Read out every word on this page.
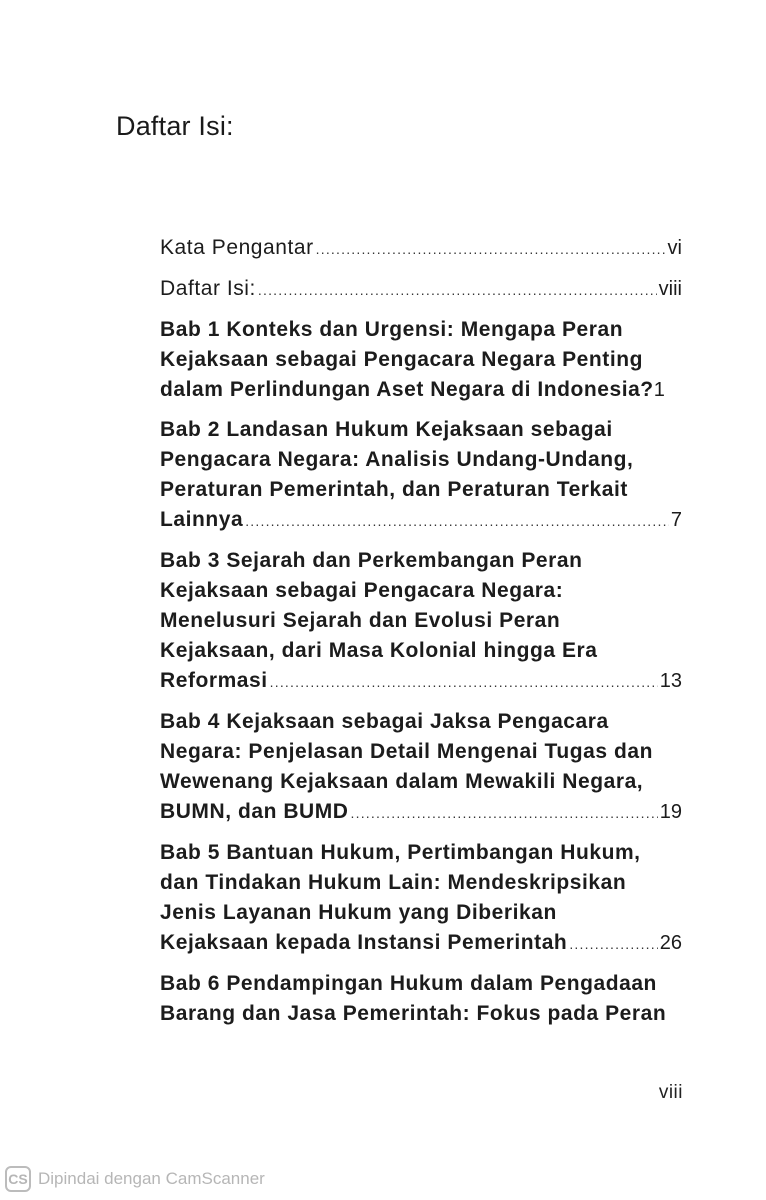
Daftar Isi:
Kata Pengantar .....	vi
Daftar Isi: .....	viii
Bab 1 Konteks dan Urgensi: Mengapa Peran
Kejaksaan sebagai Pengacara Negara Penting
dalam Perlindungan Aset Negara di Indonesia? 1
Bab 2 Landasan Hukum Kejaksaan sebagai
Pengacara Negara: Analisis Undang-Undang,
Peraturan Pemerintah, dan Peraturan Terkait
Lainnya .....	7
Bab 3 Sejarah dan Perkembangan Peran
Kejaksaan sebagai Pengacara Negara:
Menelusuri Sejarah dan Evolusi Peran
Kejaksaan, dari Masa Kolonial hingga Era
Reformasi .....	13
Bab 4 Kejaksaan sebagai Jaksa Pengacara
Negara: Penjelasan Detail Mengenai Tugas dan
Wewenang Kejaksaan dalam Mewakili Negara,
BUMN, dan BUMD .....	19
Bab 5 Bantuan Hukum, Pertimbangan Hukum,
dan Tindakan Hukum Lain: Mendeskripsikan
Jenis Layanan Hukum yang Diberikan
Kejaksaan kepada Instansi Pemerintah .....	26
Bab 6 Pendampingan Hukum dalam Pengadaan
Barang dan Jasa Pemerintah: Fokus pada Peran
viii
CS Dipindai dengan CamScanner
